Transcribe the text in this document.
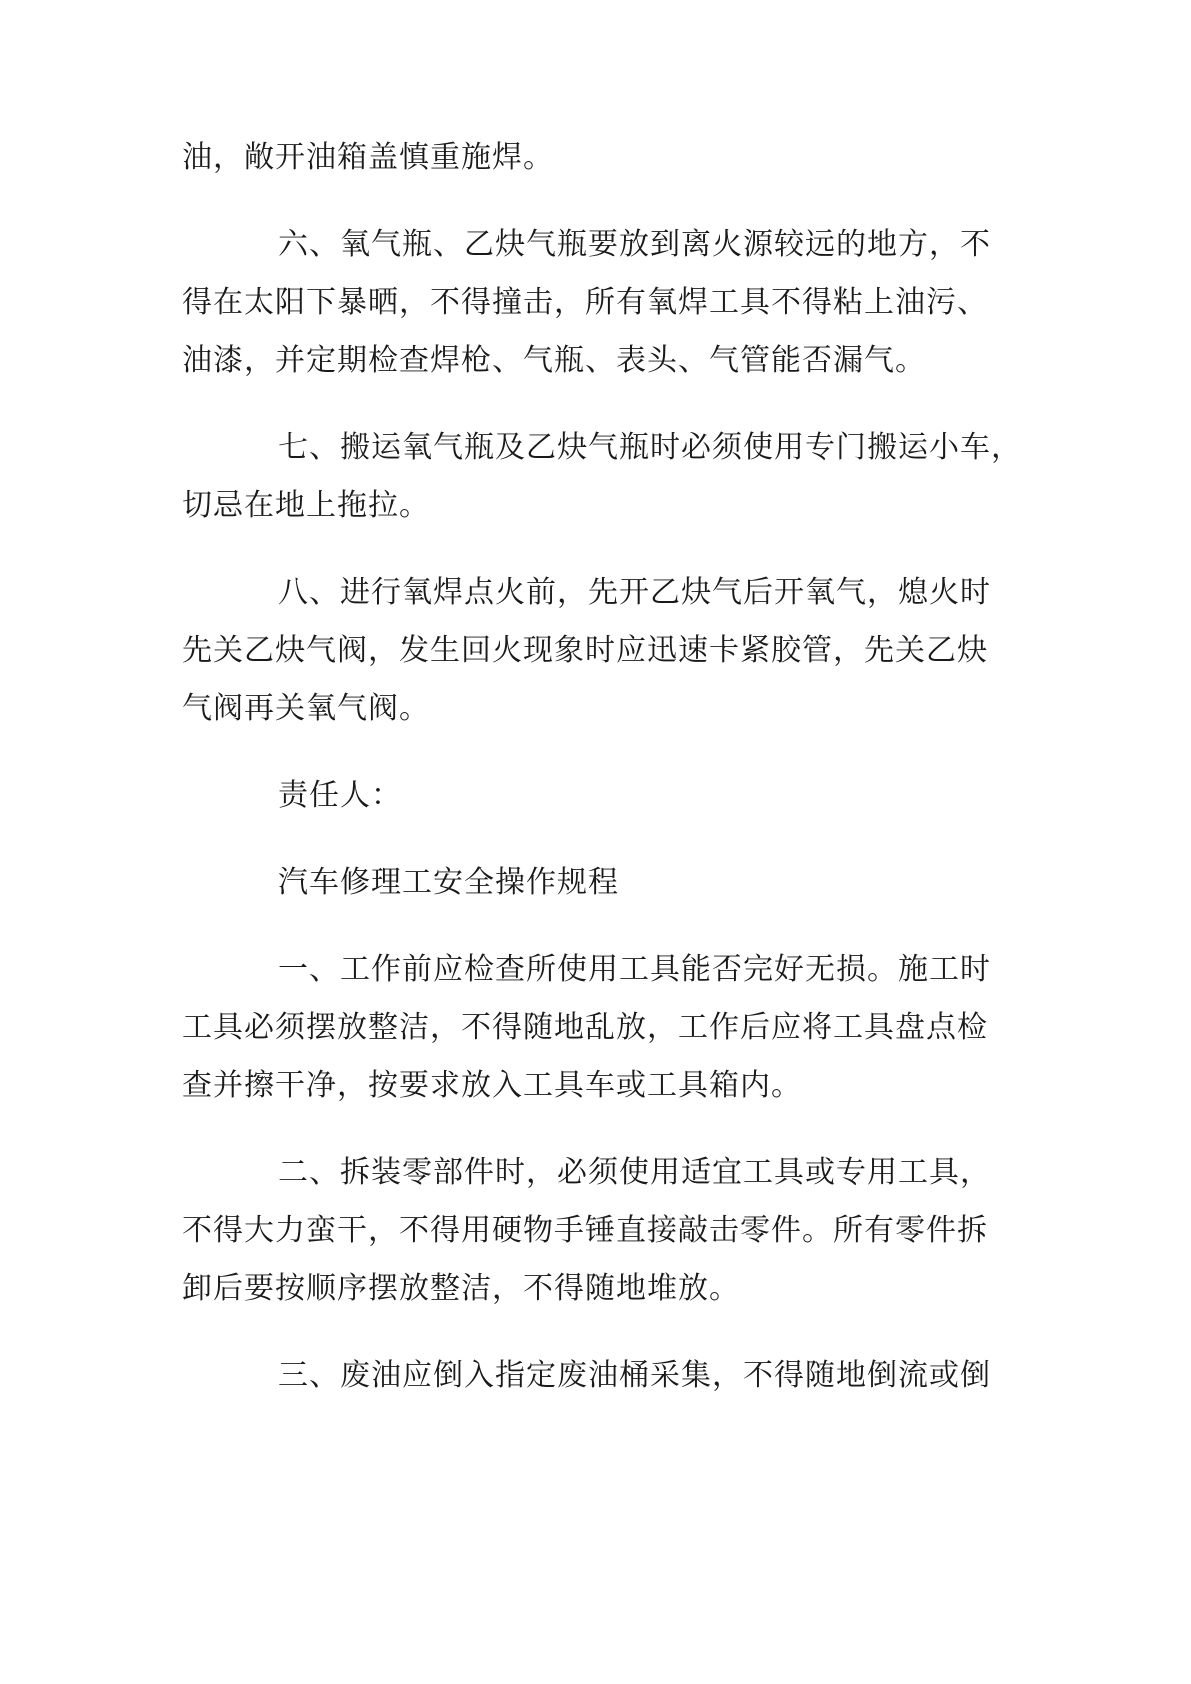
油，敞开油箱盖慎重施焊。
六、氧气瓶、乙炔气瓶要放到离火源较远的地方，不
得在太阳下暴晒，不得撞击，所有氧焊工具不得粘上油污、
油漆，并定期检查焊枪、气瓶、表头、气管能否漏气。
七、搬运氧气瓶及乙炔气瓶时必须使用专门搬运小车，
切忌在地上拖拉。
八、进行氧焊点火前，先开乙炔气后开氧气，熄火时
先关乙炔气阀，发生回火现象时应迅速卡紧胶管，先关乙炔
气阀再关氧气阀。
责任人：
汽车修理工安全操作规程
一、工作前应检查所使用工具能否完好无损。施工时
工具必须摆放整洁，不得随地乱放，工作后应将工具盘点检
查并擦干净，按要求放入工具车或工具箱内。
二、拆装零部件时，必须使用适宜工具或专用工具，
不得大力蛮干，不得用硬物手锤直接敲击零件。所有零件拆
卸后要按顺序摆放整洁，不得随地堆放。
三、废油应倒入指定废油桶采集，不得随地倒流或倒
